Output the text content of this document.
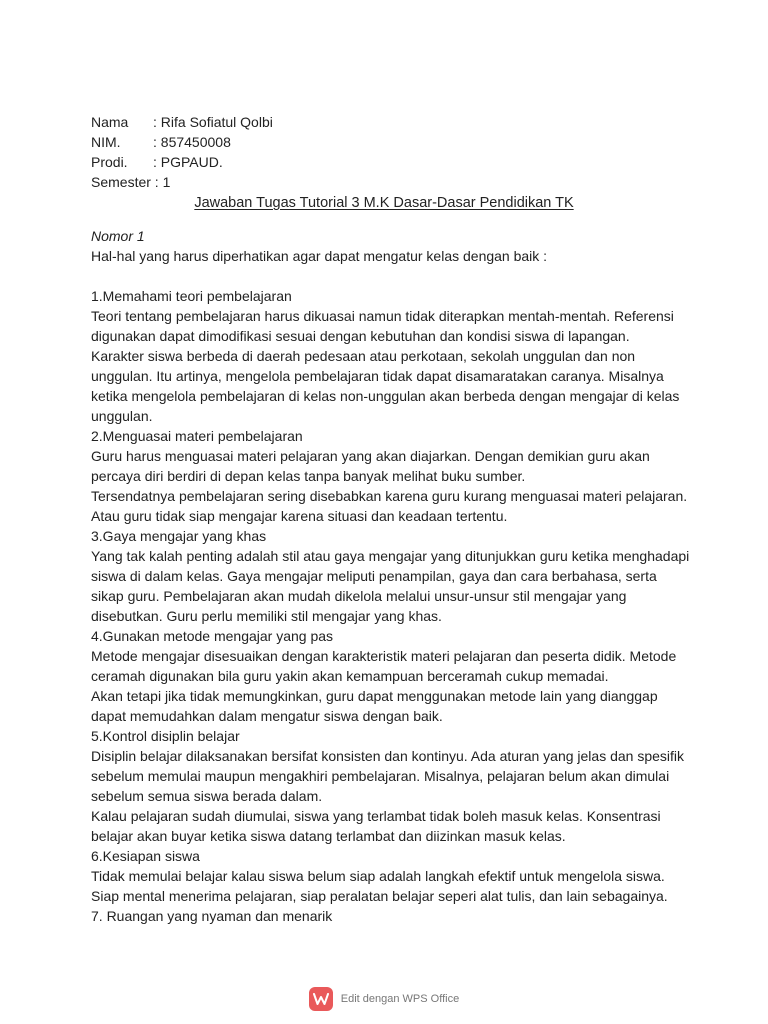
Nama	: Rifa Sofiatul Qolbi
NIM.	: 857450008
Prodi.	: PGPAUD.
Semester : 1
Jawaban Tugas Tutorial 3 M.K Dasar-Dasar Pendidikan TK
Nomor 1
Hal-hal yang harus diperhatikan agar dapat mengatur kelas dengan baik :
1.Memahami teori pembelajaran
Teori tentang pembelajaran harus dikuasai namun tidak diterapkan mentah-mentah. Referensi
digunakan dapat dimodifikasi sesuai dengan kebutuhan dan kondisi siswa di lapangan.
Karakter siswa berbeda di daerah pedesaan atau perkotaan, sekolah unggulan dan non
unggulan. Itu artinya, mengelola pembelajaran tidak dapat disamaratakan caranya. Misalnya
ketika mengelola pembelajaran di kelas non-unggulan akan berbeda dengan mengajar di kelas
unggulan.
2.Menguasai materi pembelajaran
Guru harus menguasai materi pelajaran yang akan diajarkan. Dengan demikian guru akan
percaya diri berdiri di depan kelas tanpa banyak melihat buku sumber.
Tersendatnya pembelajaran sering disebabkan karena guru kurang menguasai materi pelajaran.
Atau guru tidak siap mengajar karena situasi dan keadaan tertentu.
3.Gaya mengajar yang khas
Yang tak kalah penting adalah stil atau gaya mengajar yang ditunjukkan guru ketika menghadapi
siswa di dalam kelas. Gaya mengajar meliputi penampilan, gaya dan cara berbahasa, serta
sikap guru. Pembelajaran akan mudah dikelola melalui unsur-unsur stil mengajar yang
disebutkan. Guru perlu memiliki stil mengajar yang khas.
4.Gunakan metode mengajar yang pas
Metode mengajar disesuaikan dengan karakteristik materi pelajaran dan peserta didik. Metode
ceramah digunakan bila guru yakin akan kemampuan berceramah cukup memadai.
Akan tetapi jika tidak memungkinkan, guru dapat menggunakan metode lain yang dianggap
dapat memudahkan dalam mengatur siswa dengan baik.
5.Kontrol disiplin belajar
Disiplin belajar dilaksanakan bersifat konsisten dan kontinyu. Ada aturan yang jelas dan spesifik
sebelum memulai maupun mengakhiri pembelajaran. Misalnya, pelajaran belum akan dimulai
sebelum semua siswa berada dalam.
Kalau pelajaran sudah diumulai, siswa yang terlambat tidak boleh masuk kelas. Konsentrasi
belajar akan buyar ketika siswa datang terlambat dan diizinkan masuk kelas.
6.Kesiapan siswa
Tidak memulai belajar kalau siswa belum siap adalah langkah efektif untuk mengelola siswa.
Siap mental menerima pelajaran, siap peralatan belajar seperi alat tulis, dan lain sebagainya.
7. Ruangan yang nyaman dan menarik
Edit dengan WPS Office
